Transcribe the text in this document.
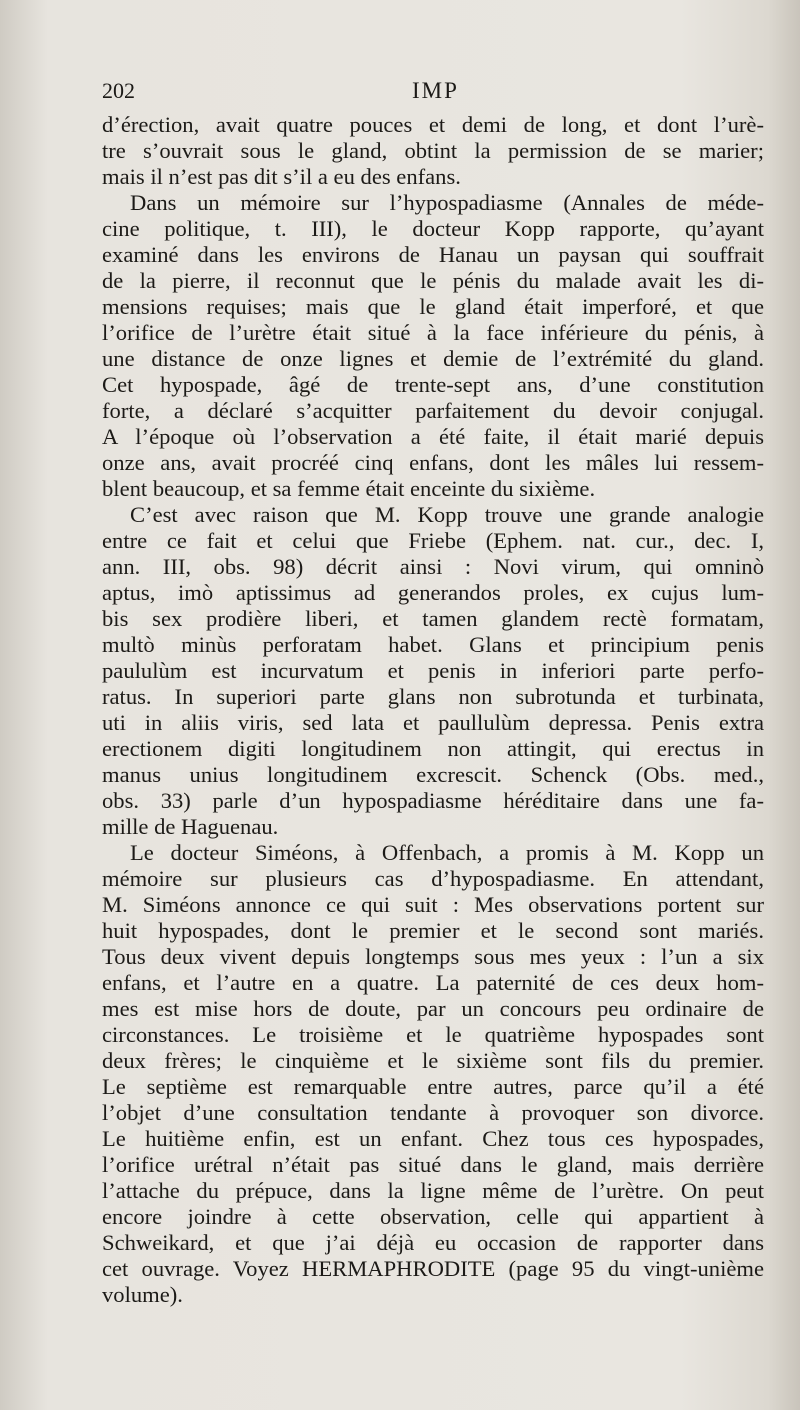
202	IMP
d’érection, avait quatre pouces et demi de long, et dont l’urè-
tre s’ouvrait sous le gland, obtint la permission de se marier;
mais il n’est pas dit s’il a eu des enfans.
Dans un mémoire sur l’hypospadiasme (Annales de méde-
cine politique, t. III), le docteur Kopp rapporte, qu’ayant
examiné dans les environs de Hanau un paysan qui souffrait
de la pierre, il reconnut que le pénis du malade avait les di-
mensions requises; mais que le gland était imperforé, et que
l’orifice de l’urètre était situé à la face inférieure du pénis, à
une distance de onze lignes et demie de l’extrémité du gland.
Cet hypospade, âgé de trente-sept ans, d’une constitution
forte, a déclaré s’acquitter parfaitement du devoir conjugal.
A l’époque où l’observation a été faite, il était marié depuis
onze ans, avait procréé cinq enfans, dont les mâles lui ressem-
blent beaucoup, et sa femme était enceinte du sixième.
C’est avec raison que M. Kopp trouve une grande analogie
entre ce fait et celui que Friebe (Ephem. nat. cur., dec. I,
ann. III, obs. 98) décrit ainsi : Novi virum, qui omninò
aptus, imò aptissimus ad generandos proles, ex cujus lum-
bis sex prodière liberi, et tamen glandem rectè formatam,
multò minùs perforatam habet. Glans et principium penis
paululùm est incurvatum et penis in inferiori parte perfo-
ratus. In superiori parte glans non subrotunda et turbinata,
uti in aliis viris, sed lata et paullulùm depressa. Penis extra
erectionem digiti longitudinem non attingit, qui erectus in
manus unius longitudinem excrescit. Schenck (Obs. med.,
obs. 33) parle d’un hypospadiasme héréditaire dans une fa-
mille de Haguenau.
Le docteur Siméons, à Offenbach, a promis à M. Kopp un
mémoire sur plusieurs cas d’hypospadiasme. En attendant,
M. Siméons annonce ce qui suit : Mes observations portent sur
huit hypospades, dont le premier et le second sont mariés.
Tous deux vivent depuis longtemps sous mes yeux : l’un a six
enfans, et l’autre en a quatre. La paternité de ces deux hom-
mes est mise hors de doute, par un concours peu ordinaire de
circonstances. Le troisième et le quatrième hypospades sont
deux frères; le cinquième et le sixième sont fils du premier.
Le septième est remarquable entre autres, parce qu’il a été
l’objet d’une consultation tendante à provoquer son divorce.
Le huitième enfin, est un enfant. Chez tous ces hypospades,
l’orifice urétral n’était pas situé dans le gland, mais derrière
l’attache du prépuce, dans la ligne même de l’urètre. On peut
encore joindre à cette observation, celle qui appartient à
Schweikard, et que j’ai déjà eu occasion de rapporter dans
cet ouvrage. Voyez HERMAPHRODITE (page 95 du vingt-unième
volume).
